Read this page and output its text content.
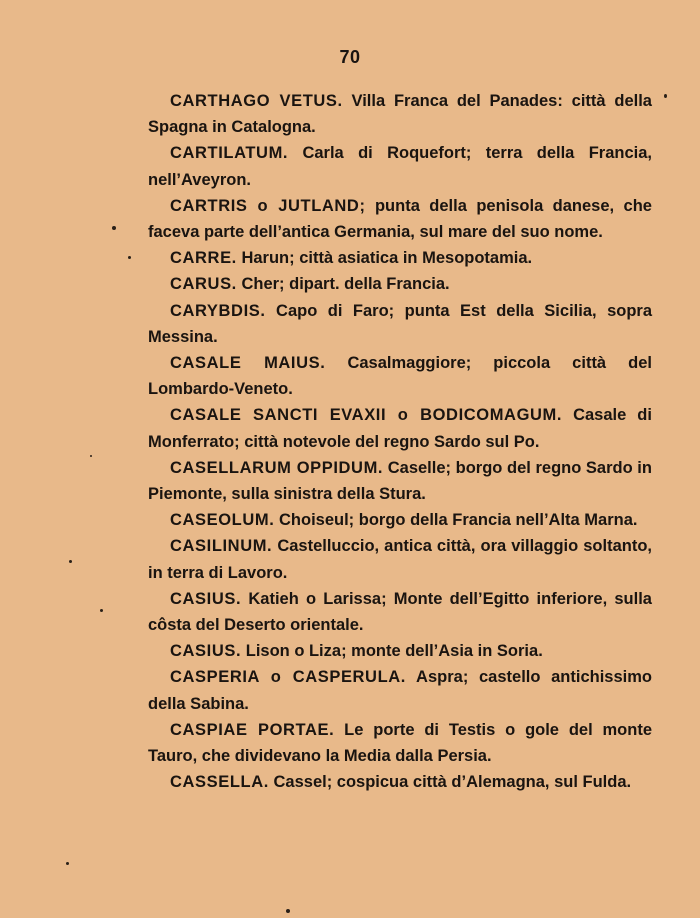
70

CARTHAGO VETUS. Villa Franca del Panades: città della Spagna in Catalogna.

CARTILATUM. Carla di Roquefort; terra della Francia, nell’Aveyron.

CARTRIS o JUTLAND; punta della penisola danese, che faceva parte dell’antica Germania, sul mare del suo nome.

CARRE. Harun; città asiatica in Mesopotamia.

CARUS. Cher; dipart. della Francia.

CARYBDIS. Capo di Faro; punta Est della Sicilia, sopra Messina.

CASALE MAIUS. Casalmaggiore; piccola città del Lombardo-Veneto.

CASALE SANCTI EVAXII o BODICOMAGUM. Casale di Monferrato; città notevole del regno Sardo sul Po.

CASELLARUM OPPIDUM. Caselle; borgo del regno Sardo in Piemonte, sulla sinistra della Stura.

CASEOLUM. Choiseul; borgo della Francia nell’Alta Marna.

CASILINUM. Castelluccio, antica città, ora villaggio soltanto, in terra di Lavoro.

CASIUS. Katieh o Larissa; Monte dell’Egitto inferiore, sulla côsta del Deserto orientale.

CASIUS. Lison o Liza; monte dell’Asia in Soria.

CASPERIA o CASPERULA. Aspra; castello antichissimo della Sabina.

CASPIAE PORTAE. Le porte di Testis o gole del monte Tauro, che dividevano la Media dalla Persia.

CASSELLA. Cassel; cospicua città d’Alemagna, sul Fulda.
